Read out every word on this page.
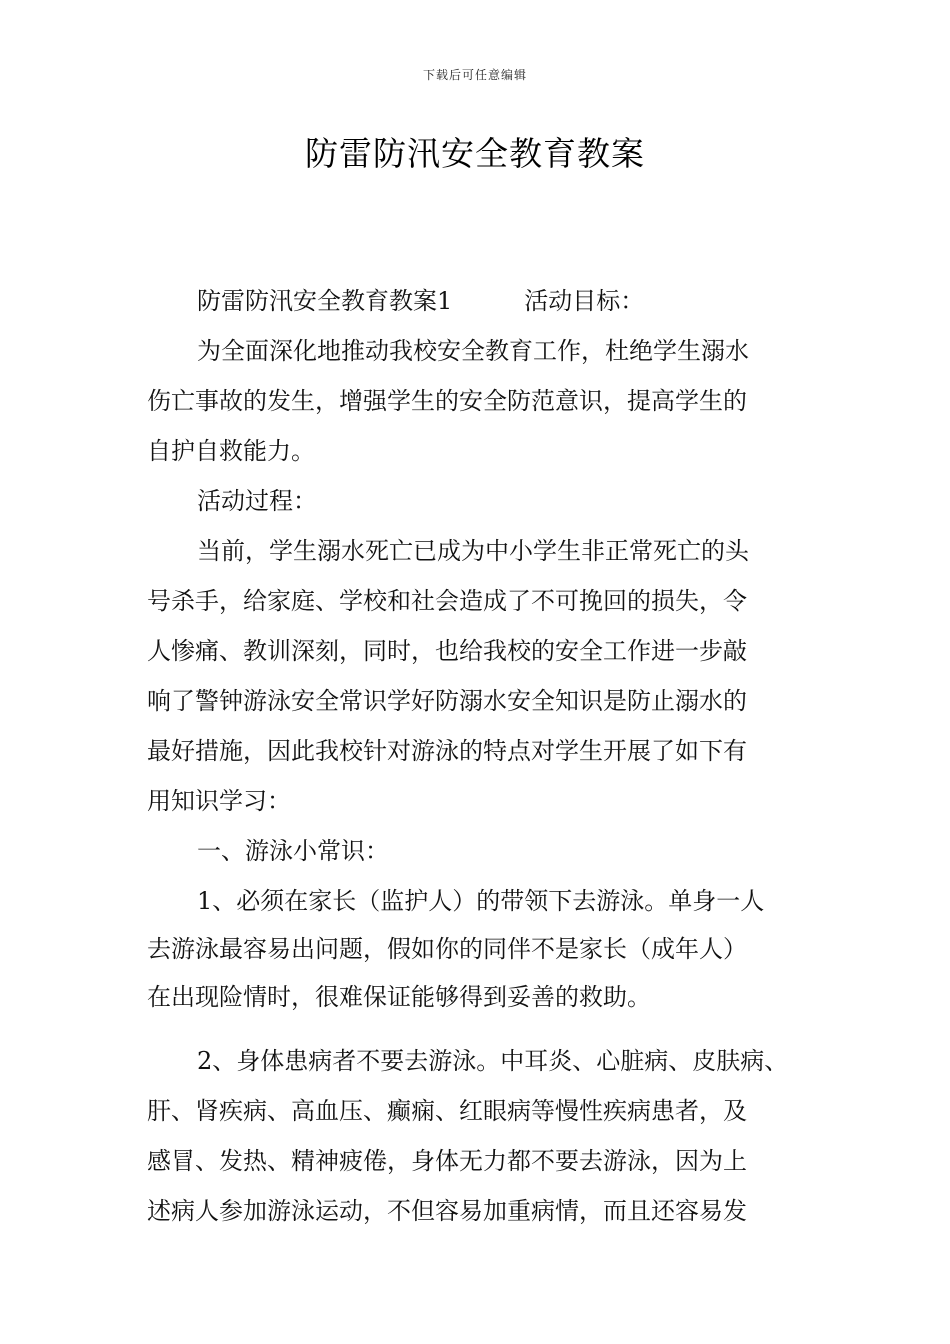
下载后可任意编辑
防雷防汛安全教育教案
防雷防汛安全教育教案1	活动目标：
为全面深化地推动我校安全教育工作，杜绝学生溺水
伤亡事故的发生，增强学生的安全防范意识，提高学生的
自护自救能力。
活动过程：
当前，学生溺水死亡已成为中小学生非正常死亡的头
号杀手，给家庭、学校和社会造成了不可挽回的损失，令
人惨痛、教训深刻，同时，也给我校的安全工作进一步敲
响了警钟游泳安全常识学好防溺水安全知识是防止溺水的
最好措施，因此我校针对游泳的特点对学生开展了如下有
用知识学习：
一、游泳小常识：
1、必须在家长（监护人）的带领下去游泳。单身一人
去游泳最容易出问题，假如你的同伴不是家长（成年人）
在出现险情时，很难保证能够得到妥善的救助。
2、身体患病者不要去游泳。中耳炎、心脏病、皮肤病、
肝、肾疾病、高血压、癫痫、红眼病等慢性疾病患者，及
感冒、发热、精神疲倦，身体无力都不要去游泳，因为上
述病人参加游泳运动，不但容易加重病情，而且还容易发
